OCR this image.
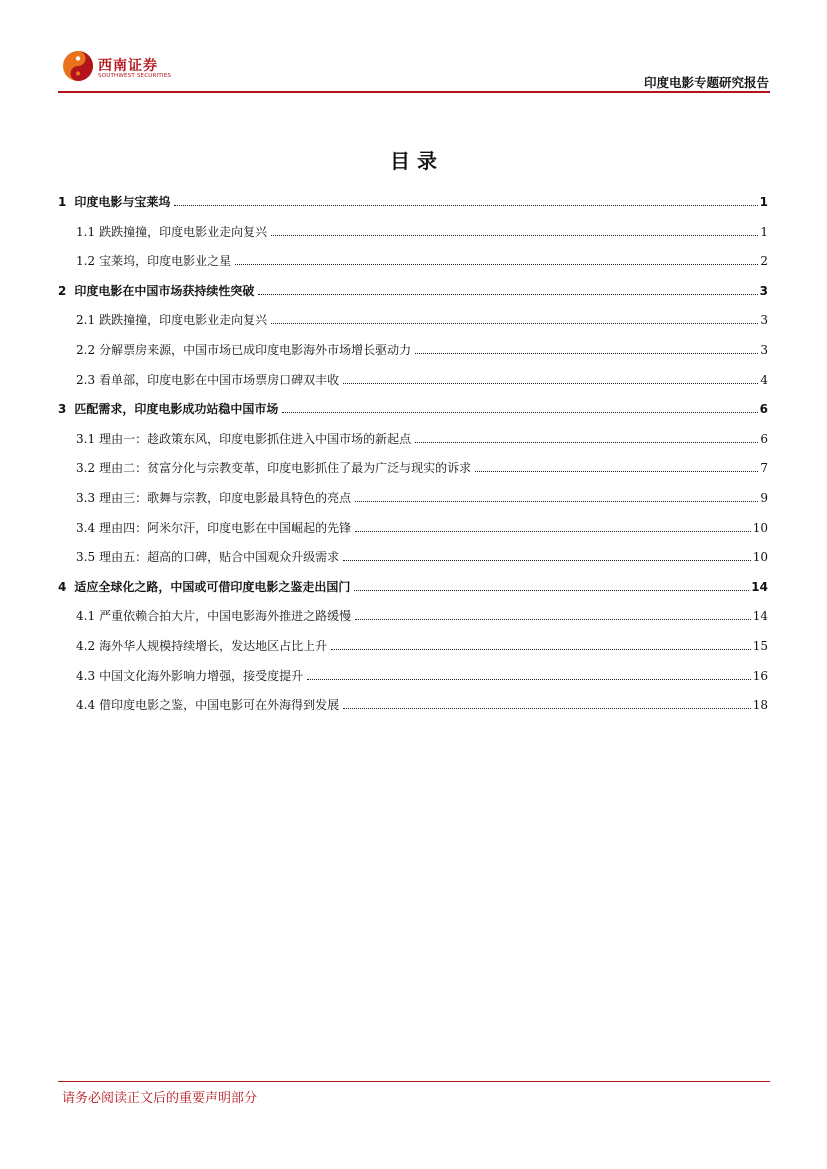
西南证券
SOUTHWEST SECURITIES	印度电影专题研究报告
目 录
1 印度电影与宝莱坞	1
1.1 跌跌撞撞，印度电影业走向复兴	1
1.2 宝莱坞，印度电影业之星	2
2 印度电影在中国市场获持续性突破	3
2.1 跌跌撞撞，印度电影业走向复兴	3
2.2 分解票房来源，中国市场已成印度电影海外市场增长驱动力	3
2.3 看单部，印度电影在中国市场票房口碑双丰收	4
3 匹配需求，印度电影成功站稳中国市场	6
3.1 理由一：趁政策东风，印度电影抓住进入中国市场的新起点	6
3.2 理由二：贫富分化与宗教变革，印度电影抓住了最为广泛与现实的诉求	7
3.3 理由三：歌舞与宗教，印度电影最具特色的亮点	9
3.4 理由四：阿米尔汗，印度电影在中国崛起的先锋	10
3.5 理由五：超高的口碑，贴合中国观众升级需求	10
4 适应全球化之路，中国或可借印度电影之鉴走出国门	14
4.1 严重依赖合拍大片，中国电影海外推进之路缓慢	14
4.2 海外华人规模持续增长，发达地区占比上升	15
4.3 中国文化海外影响力增强，接受度提升	16
4.4 借印度电影之鉴，中国电影可在外海得到发展	18
请务必阅读正文后的重要声明部分
